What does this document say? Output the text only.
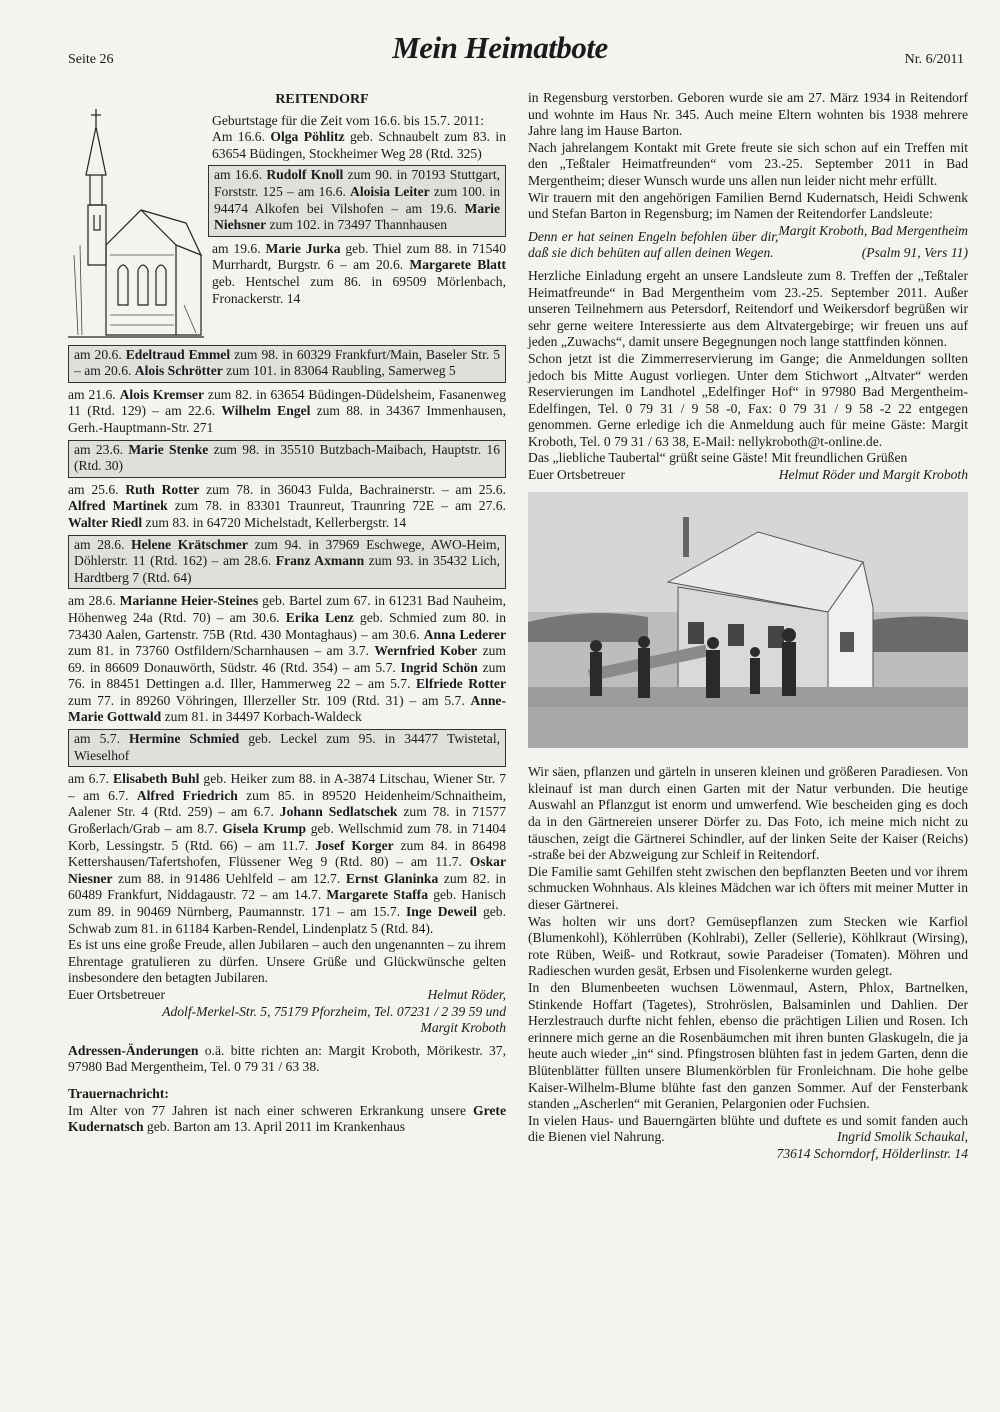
Seite 26	Mein Heimatbote	Nr. 6/2011
REITENDORF

Geburtstage für die Zeit vom 16.6. bis 15.7. 2011:
Am 16.6. Olga Pöhlitz geb. Schnaubelt zum 83. in 63654 Büdingen, Stockheimer Weg 28 (Rtd. 325)

am 16.6. Rudolf Knoll zum 90. in 70193 Stuttgart, Forststr. 125 – am 16.6. Aloisia Leiter zum 100. in 94474 Alkofen bei Vilshofen – am 19.6. Marie Niehsner zum 102. in 73497 Thannhausen

am 19.6. Marie Jurka geb. Thiel zum 88. in 71540 Murrhardt, Burgstr. 6 – am 20.6. Margarete Blatt geb. Hentschel zum 86. in 69509 Mörlenbach, Fronackerstr. 14

am 20.6. Edeltraud Emmel zum 98. in 60329 Frankfurt/Main, Baseler Str. 5 – am 20.6. Alois Schrötter zum 101. in 83064 Raubling, Samerweg 5

am 21.6. Alois Kremser zum 82. in 63654 Büdingen-Düdelsheim, Fasanenweg 11 (Rtd. 129) – am 22.6. Wilhelm Engel zum 88. in 34367 Immenhausen, Gerh.-Hauptmann-Str. 271

am 23.6. Marie Stenke zum 98. in 35510 Butzbach-Maibach, Hauptstr. 16 (Rtd. 30)

am 25.6. Ruth Rotter zum 78. in 36043 Fulda, Bachrainerstr. – am 25.6. Alfred Martinek zum 78. in 83301 Traunreut, Traunring 72E – am 27.6. Walter Riedl zum 83. in 64720 Michelstadt, Kellerbergstr. 14

am 28.6. Helene Krätschmer zum 94. in 37969 Eschwege, AWO-Heim, Döhlerstr. 11 (Rtd. 162) – am 28.6. Franz Axmann zum 93. in 35432 Lich, Hardtberg 7 (Rtd. 64)

am 28.6. Marianne Heier-Steines geb. Bartel zum 67. in 61231 Bad Nauheim, Höhenweg 24a (Rtd. 70) – am 30.6. Erika Lenz geb. Schmied zum 80. in 73430 Aalen, Gartenstr. 75B (Rtd. 430 Montaghaus) – am 30.6. Anna Lederer zum 81. in 73760 Ostfildern/Scharnhausen – am 3.7. Wernfried Kober zum 69. in 86609 Donauwörth, Südstr. 46 (Rtd. 354) – am 5.7. Ingrid Schön zum 76. in 88451 Dettingen a.d. Iller, Hammerweg 22 – am 5.7. Elfriede Rotter zum 77. in 89260 Vöhringen, Illerzeller Str. 109 (Rtd. 31) – am 5.7. Anne-Marie Gottwald zum 81. in 34497 Korbach-Waldeck

am 5.7. Hermine Schmied geb. Leckel zum 95. in 34477 Twistetal, Wieselhof

am 6.7. Elisabeth Buhl geb. Heiker zum 88. in A-3874 Litschau, Wiener Str. 7 – am 6.7. Alfred Friedrich zum 85. in 89520 Heidenheim/Schnaitheim, Aalener Str. 4 (Rtd. 259) – am 6.7. Johann Sedlatschek zum 78. in 71577 Großerlach/Grab – am 8.7. Gisela Krump geb. Wellschmid zum 78. in 71404 Korb, Lessingstr. 5 (Rtd. 66) – am 11.7. Josef Korger zum 84. in 86498 Kettershausen/Tafertshofen, Flüssener Weg 9 (Rtd. 80) – am 11.7. Oskar Niesner zum 88. in 91486 Uehlfeld – am 12.7. Ernst Glaninka zum 82. in 60489 Frankfurt, Niddagaustr. 72 – am 14.7. Margarete Staffa geb. Hanisch zum 89. in 90469 Nürnberg, Paumannstr. 171 – am 15.7. Inge Deweil geb. Schwab zum 81. in 61184 Karben-Rendel, Lindenplatz 5 (Rtd. 84).

Es ist uns eine große Freude, allen Jubilaren – auch den ungenannten – zu ihrem Ehrentage gratulieren zu dürfen. Unsere Grüße und Glückwünsche gelten insbesondere den betagten Jubilaren.

Euer Ortsbetreuer	Helmut Röder,

Adolf-Merkel-Str. 5, 75179 Pforzheim, Tel. 07231 / 2 39 59 und

Margit Kroboth

Adressen-Änderungen o.ä. bitte richten an: Margit Kroboth, Mörikestr. 37, 97980 Bad Mergentheim, Tel. 0 79 31 / 63 38.

Trauernachricht:

Im Alter von 77 Jahren ist nach einer schweren Erkrankung unsere Grete Kudernatsch geb. Barton am 13. April 2011 im Krankenhaus

in Regensburg verstorben. Geboren wurde sie am 27. März 1934 in Reitendorf und wohnte im Haus Nr. 345. Auch meine Eltern wohnten bis 1938 mehrere Jahre lang im Hause Barton.

Nach jahrelangem Kontakt mit Grete freute sie sich schon auf ein Treffen mit den „Teßtaler Heimatfreunden“ vom 23.-25. September 2011 in Bad Mergentheim; dieser Wunsch wurde uns allen nun leider nicht mehr erfüllt.

Wir trauern mit den angehörigen Familien Bernd Kudernatsch, Heidi Schwenk und Stefan Barton in Regensburg; im Namen der Reitendorfer Landsleute:
Margit Kroboth, Bad Mergentheim

Denn er hat seinen Engeln befohlen über dir, daß sie dich behüten auf allen deinen Wegen.	(Psalm 91, Vers 11)

Herzliche Einladung ergeht an unsere Landsleute zum 8. Treffen der „Teßtaler Heimatfreunde“ in Bad Mergentheim vom 23.-25. September 2011. Außer unseren Teilnehmern aus Petersdorf, Reitendorf und Weikersdorf begrüßen wir sehr gerne weitere Interessierte aus dem Altvatergebirge; wir freuen uns auf jeden „Zuwachs“, damit unsere Begegnungen noch lange stattfinden können.

Schon jetzt ist die Zimmerreservierung im Gange; die Anmeldungen sollten jedoch bis Mitte August vorliegen. Unter dem Stichwort „Altvater“ werden Reservierungen im Landhotel „Edelfinger Hof“ in 97980 Bad Mergentheim-Edelfingen, Tel. 0 79 31 / 9 58 -0, Fax: 0 79 31 / 9 58 -2 22 entgegen genommen. Gerne erledige ich die Anmeldung auch für meine Gäste: Margit Kroboth, Tel. 0 79 31 / 63 38, E-Mail: nellykroboth@t-online.de.

Das „liebliche Taubertal“ grüßt seine Gäste! Mit freundlichen Grüßen

Euer Ortsbetreuer	Helmut Röder und Margit Kroboth

Wir säen, pflanzen und gärteln in unseren kleinen und größeren Paradiesen. Von kleinauf ist man durch einen Garten mit der Natur verbunden. Die heutige Auswahl an Pflanzgut ist enorm und umwerfend. Wie bescheiden ging es doch da in den Gärtnereien unserer Dörfer zu. Das Foto, ich meine mich nicht zu täuschen, zeigt die Gärtnerei Schindler, auf der linken Seite der Kaiser (Reichs) -straße bei der Abzweigung zur Schleif in Reitendorf.

Die Familie samt Gehilfen steht zwischen den bepflanzten Beeten und vor ihrem schmucken Wohnhaus. Als kleines Mädchen war ich öfters mit meiner Mutter in dieser Gärtnerei.

Was holten wir uns dort? Gemüsepflanzen zum Stecken wie Karfiol (Blumenkohl), Köhlerrüben (Kohlrabi), Zeller (Sellerie), Köhlkraut (Wirsing), rote Rüben, Weiß- und Rotkraut, sowie Paradeiser (Tomaten). Möhren und Radieschen wurden gesät, Erbsen und Fisolenkerne wurden gelegt.

In den Blumenbeeten wuchsen Löwenmaul, Astern, Phlox, Bartnelken, Stinkende Hoffart (Tagetes), Strohröslen, Balsaminlen und Dahlien. Der Herzlestrauch durfte nicht fehlen, ebenso die prächtigen Lilien und Rosen. Ich erinnere mich gerne an die Rosenbäumchen mit ihren bunten Glaskugeln, die ja heute auch wieder „in“ sind. Pfingstrosen blühten fast in jedem Garten, denn die Blütenblätter füllten unsere Blumenkörblen für Fronleichnam. Die hohe gelbe Kaiser-Wilhelm-Blume blühte fast den ganzen Sommer. Auf der Fensterbank standen „Ascherlen“ mit Geranien, Pelargonien oder Fuchsien.

In vielen Haus- und Bauerngärten blühte und duftete es und somit fanden auch die Bienen viel Nahrung.	Ingrid Smolik Schaukal,

73614 Schorndorf, Hölderlinstr. 14
